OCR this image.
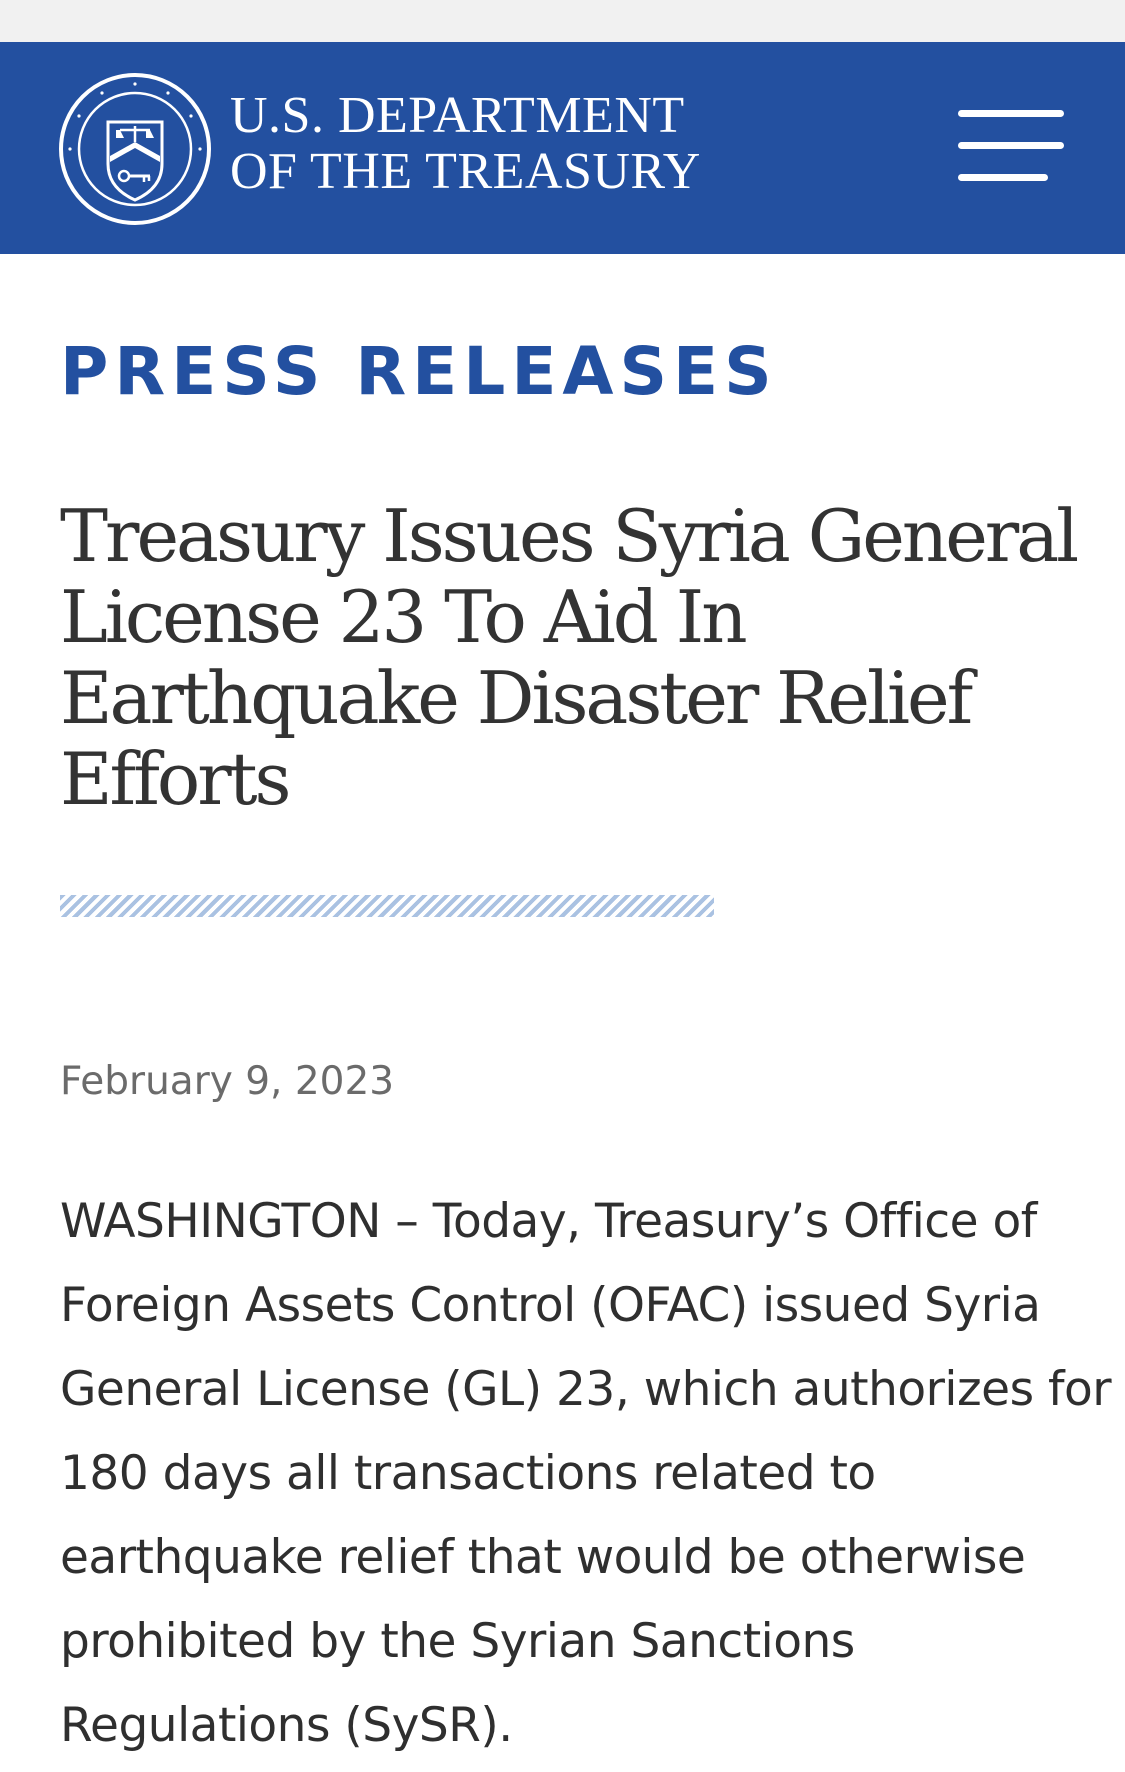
U.S. DEPARTMENT
OF THE TREASURY
PRESS RELEASES
Treasury Issues Syria General
License 23 To Aid In
Earthquake Disaster Relief
Efforts
February 9, 2023
WASHINGTON – Today, Treasury’s Office of
Foreign Assets Control (OFAC) issued Syria
General License (GL) 23, which authorizes for
180 days all transactions related to
earthquake relief that would be otherwise
prohibited by the Syrian Sanctions
Regulations (SySR).
